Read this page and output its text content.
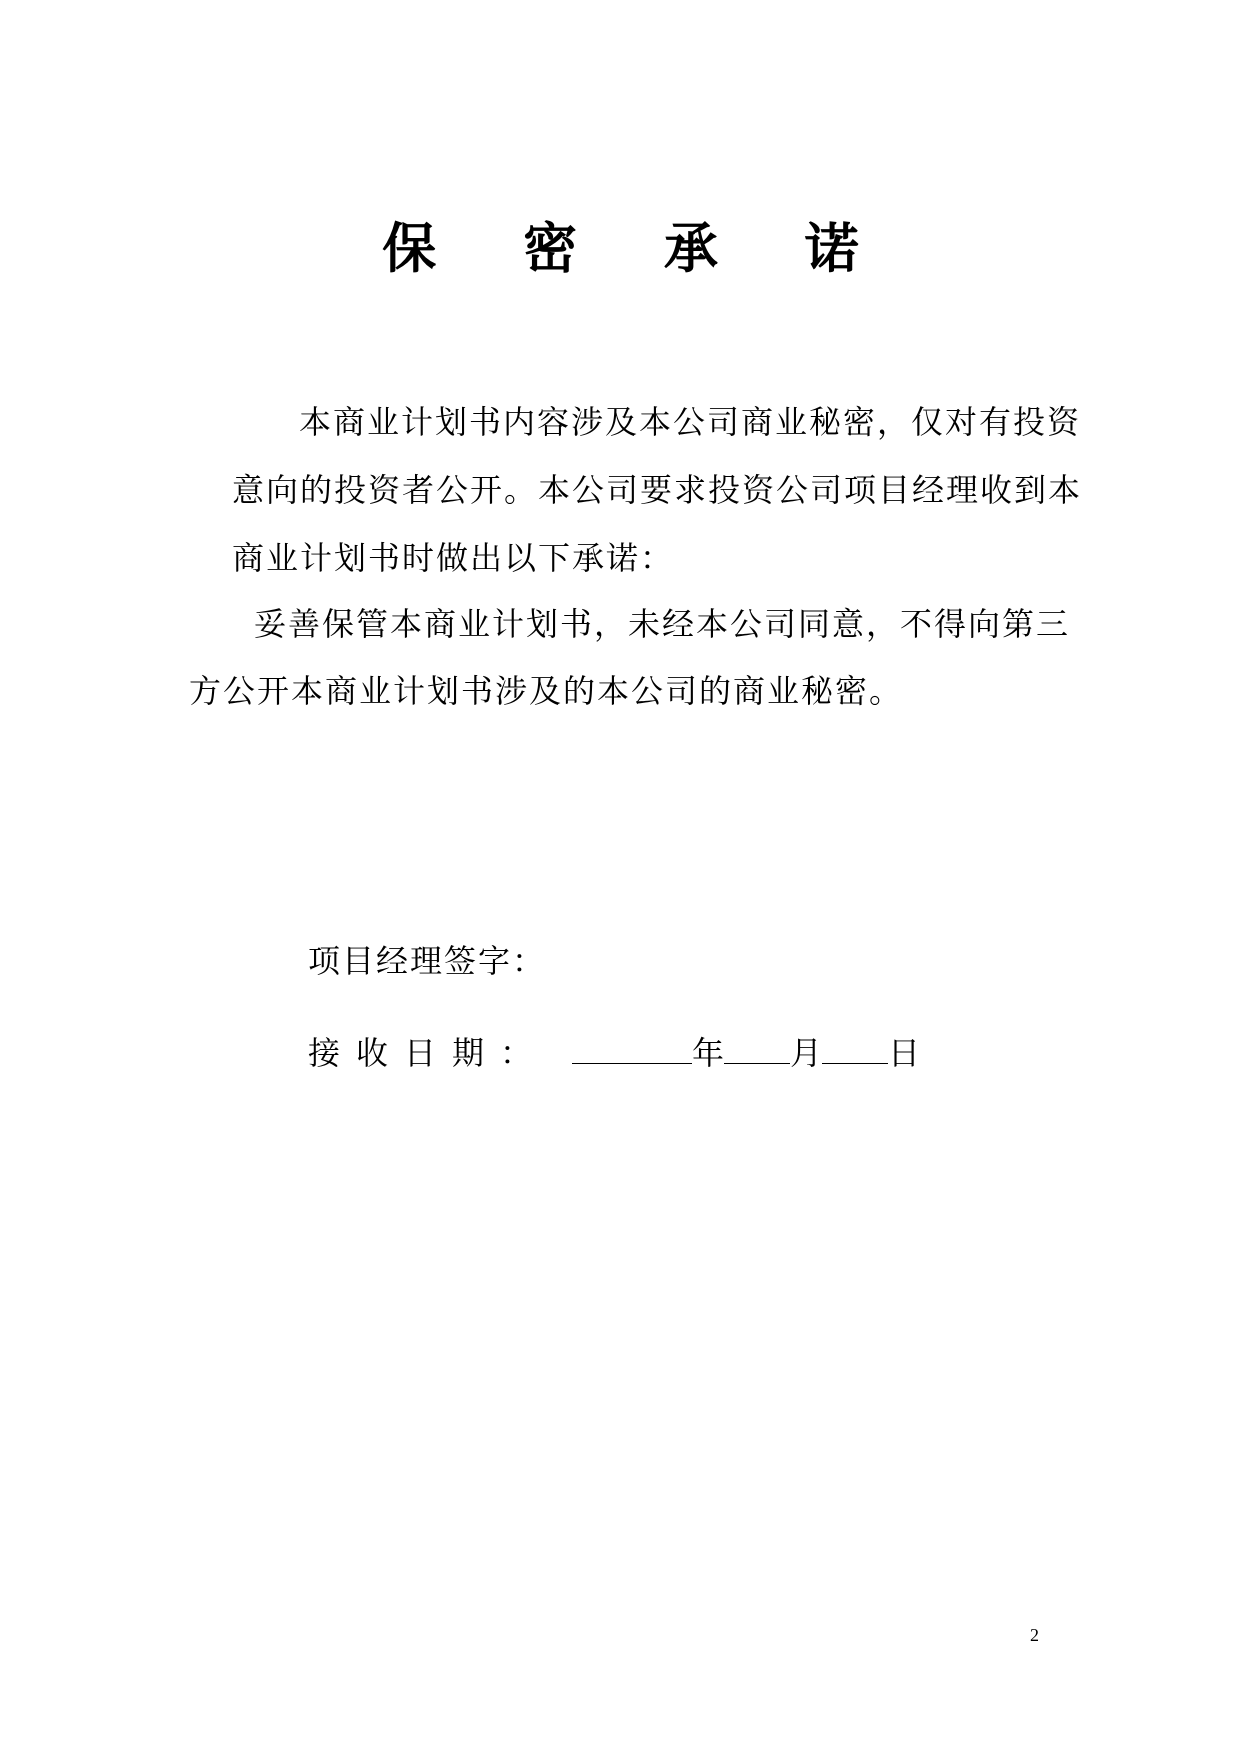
保 密 承 诺
本商业计划书内容涉及本公司商业秘密，仅对有投资
意向的投资者公开。本公司要求投资公司项目经理收到本
商业计划书时做出以下承诺：
妥善保管本商业计划书，未经本公司同意，不得向第三
方公开本商业计划书涉及的本公司的商业秘密。
项目经理签字：
接收日期：	年 月 日
2
